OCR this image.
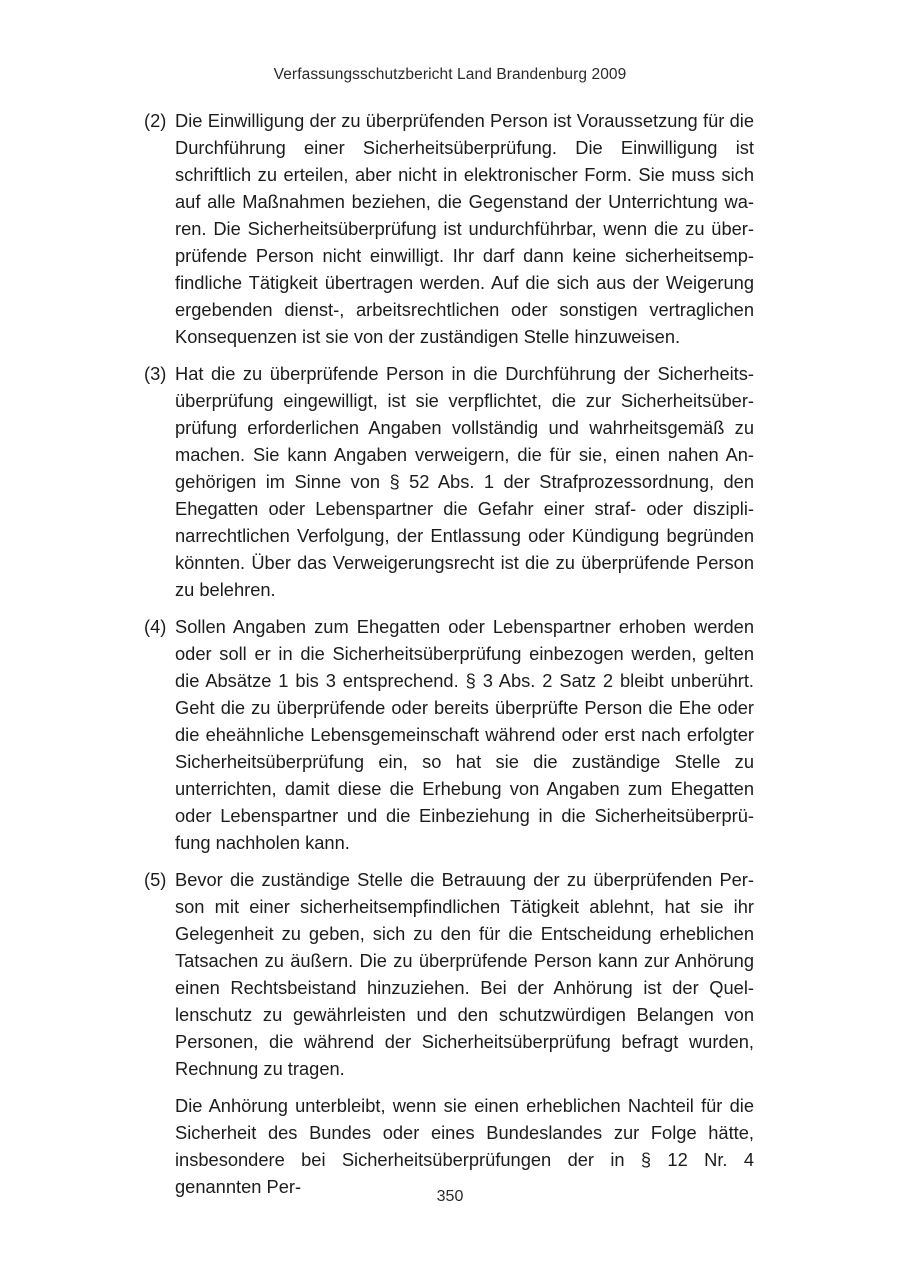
Verfassungsschutzbericht Land Brandenburg 2009
(2) Die Einwilligung der zu überprüfenden Person ist Voraussetzung für die Durchführung einer Sicherheitsüberprüfung. Die Einwilligung ist schriftlich zu erteilen, aber nicht in elektronischer Form. Sie muss sich auf alle Maßnahmen beziehen, die Gegenstand der Unterrichtung waren. Die Sicherheitsüberprüfung ist undurchführbar, wenn die zu überprüfende Person nicht einwilligt. Ihr darf dann keine sicherheitsempfindliche Tätigkeit übertragen werden. Auf die sich aus der Weigerung ergebenden dienst-, arbeitsrechtlichen oder sonstigen vertraglichen Konsequenzen ist sie von der zuständigen Stelle hinzuweisen.
(3) Hat die zu überprüfende Person in die Durchführung der Sicherheitsüberprüfung eingewilligt, ist sie verpflichtet, die zur Sicherheitsüberprüfung erforderlichen Angaben vollständig und wahrheitsgemäß zu machen. Sie kann Angaben verweigern, die für sie, einen nahen Angehörigen im Sinne von § 52 Abs. 1 der Strafprozessordnung, den Ehegatten oder Lebenspartner die Gefahr einer straf- oder disziplinarrechtlichen Verfolgung, der Entlassung oder Kündigung begründen könnten. Über das Verweigerungsrecht ist die zu überprüfende Person zu belehren.
(4) Sollen Angaben zum Ehegatten oder Lebenspartner erhoben werden oder soll er in die Sicherheitsüberprüfung einbezogen werden, gelten die Absätze 1 bis 3 entsprechend. § 3 Abs. 2 Satz 2 bleibt unberührt. Geht die zu überprüfende oder bereits überprüfte Person die Ehe oder die eheähnliche Lebensgemeinschaft während oder erst nach erfolgter Sicherheitsüberprüfung ein, so hat sie die zuständige Stelle zu unterrichten, damit diese die Erhebung von Angaben zum Ehegatten oder Lebenspartner und die Einbeziehung in die Sicherheitsüberprüfung nachholen kann.
(5) Bevor die zuständige Stelle die Betrauung der zu überprüfenden Person mit einer sicherheitsempfindlichen Tätigkeit ablehnt, hat sie ihr Gelegenheit zu geben, sich zu den für die Entscheidung erheblichen Tatsachen zu äußern. Die zu überprüfende Person kann zur Anhörung einen Rechtsbeistand hinzuziehen. Bei der Anhörung ist der Quellenschutz zu gewährleisten und den schutzwürdigen Belangen von Personen, die während der Sicherheitsüberprüfung befragt wurden, Rechnung zu tragen.
Die Anhörung unterbleibt, wenn sie einen erheblichen Nachteil für die Sicherheit des Bundes oder eines Bundeslandes zur Folge hätte, insbesondere bei Sicherheitsüberprüfungen der in § 12 Nr. 4 genannten Per-	350
